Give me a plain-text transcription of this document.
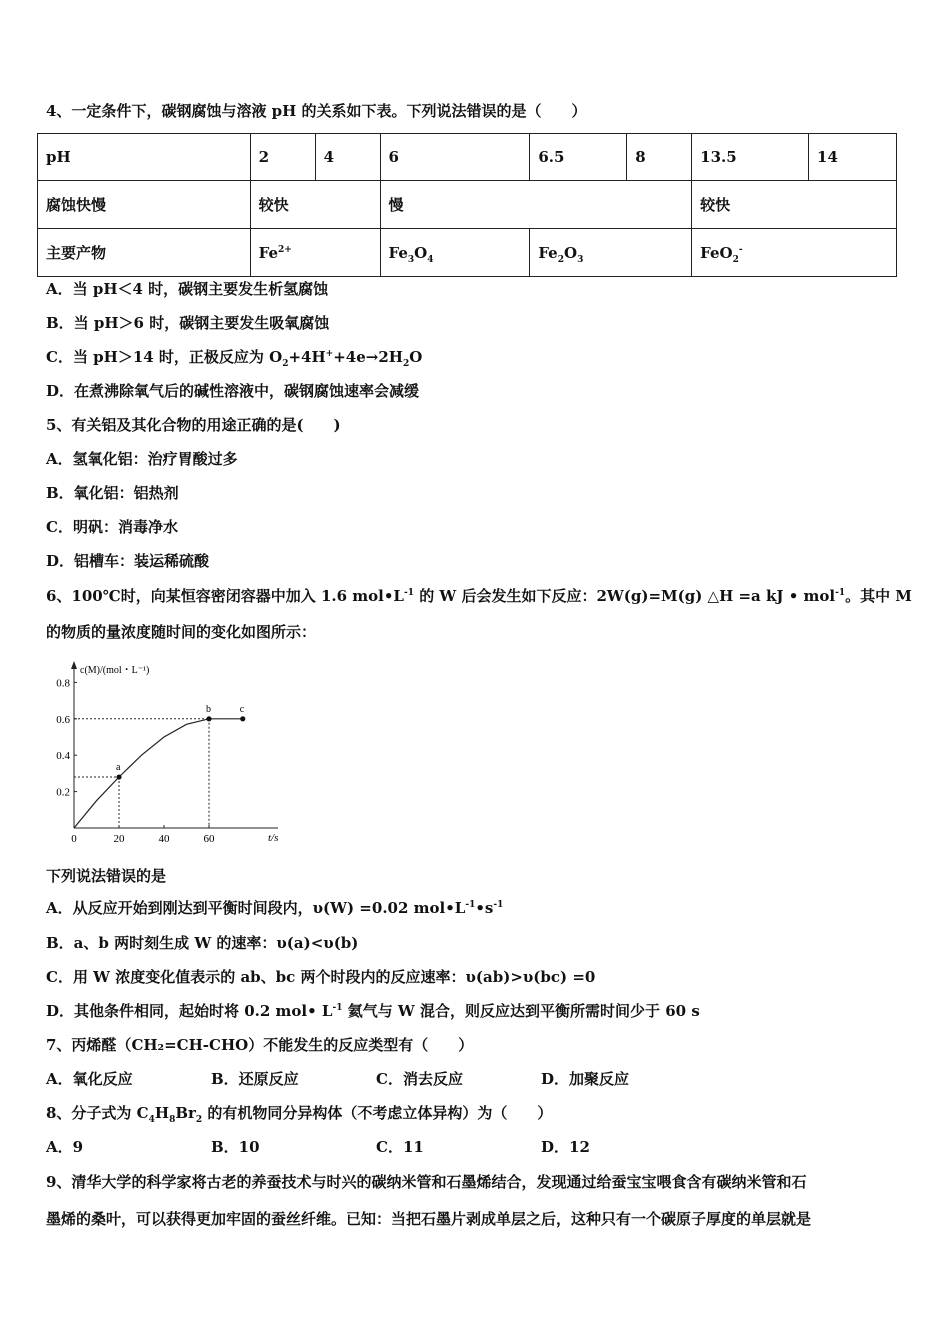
4、一定条件下，碳钢腐蚀与溶液 pH 的关系如下表。下列说法错误的是（　　）
pH	2	4	6	6.5	8	13.5	14
腐蚀快慢	较快		慢			较快	
主要产物	$Fe^{2+}$		$Fe_3O_4$	$Fe_2O_3$		FeO$_2$-
A．当 pH＜4 时，碳钢主要发生析氢腐蚀
B．当 pH＞6 时，碳钢主要发生吸氧腐蚀
C．当 pH＞14 时，正极反应为 $O_2+4H^++4e\to 2H_2O$
D．在煮沸除氧气后的碱性溶液中，碳钢腐蚀速率会减缓
5、有关铝及其化合物的用途正确的是(　　)
A．氢氧化铝：治疗胃酸过多
B．氧化铝：铝热剂
C．明矾：消毒净水
D．铝槽车：装运稀硫酸
6、100℃时，向某恒容密闭容器中加入 1.6 $mol•L^{-1}$ 的 W 后会发生如下反应：2W(g)=M(g) △H =a kJ • mol$^{-1}$。其中 M
的物质的量浓度随时间的变化如图所示：
c(M)/(mol・L⁻¹)
t/s
0.2
0.4
0.6
0.8
0	20	40	60
a
b	c
下列说法错误的是
A．从反应开始到刚达到平衡时间段内，υ(W) =0.02 $mol•L^{-1}•s^{-1}$
B．a、b 两时刻生成 W 的速率：υ(a)<υ(b)
C．用 W 浓度变化值表示的 ab、bc 两个时段内的反应速率：υ(ab)>υ(bc) =0
D．其他条件相同，起始时将 0.2 mol• $L^{-1}$ 氦气与 W 混合，则反应达到平衡所需时间少于 60 s
7、丙烯醛（CH₂=CH-CHO）不能发生的反应类型有（　　）
A．氧化反应	B．还原反应	C．消去反应	D．加聚反应
8、分子式为 $C_4H_8Br_2$ 的有机物同分异构体（不考虑立体异构）为（　　）
A．9	B．10	C．11	D．12
9、清华大学的科学家将古老的养蚕技术与时兴的碳纳米管和石墨烯结合，发现通过给蚕宝宝喂食含有碳纳米管和石
墨烯的桑叶，可以获得更加牢固的蚕丝纤维。已知：当把石墨片剥成单层之后，这种只有一个碳原子厚度的单层就是
